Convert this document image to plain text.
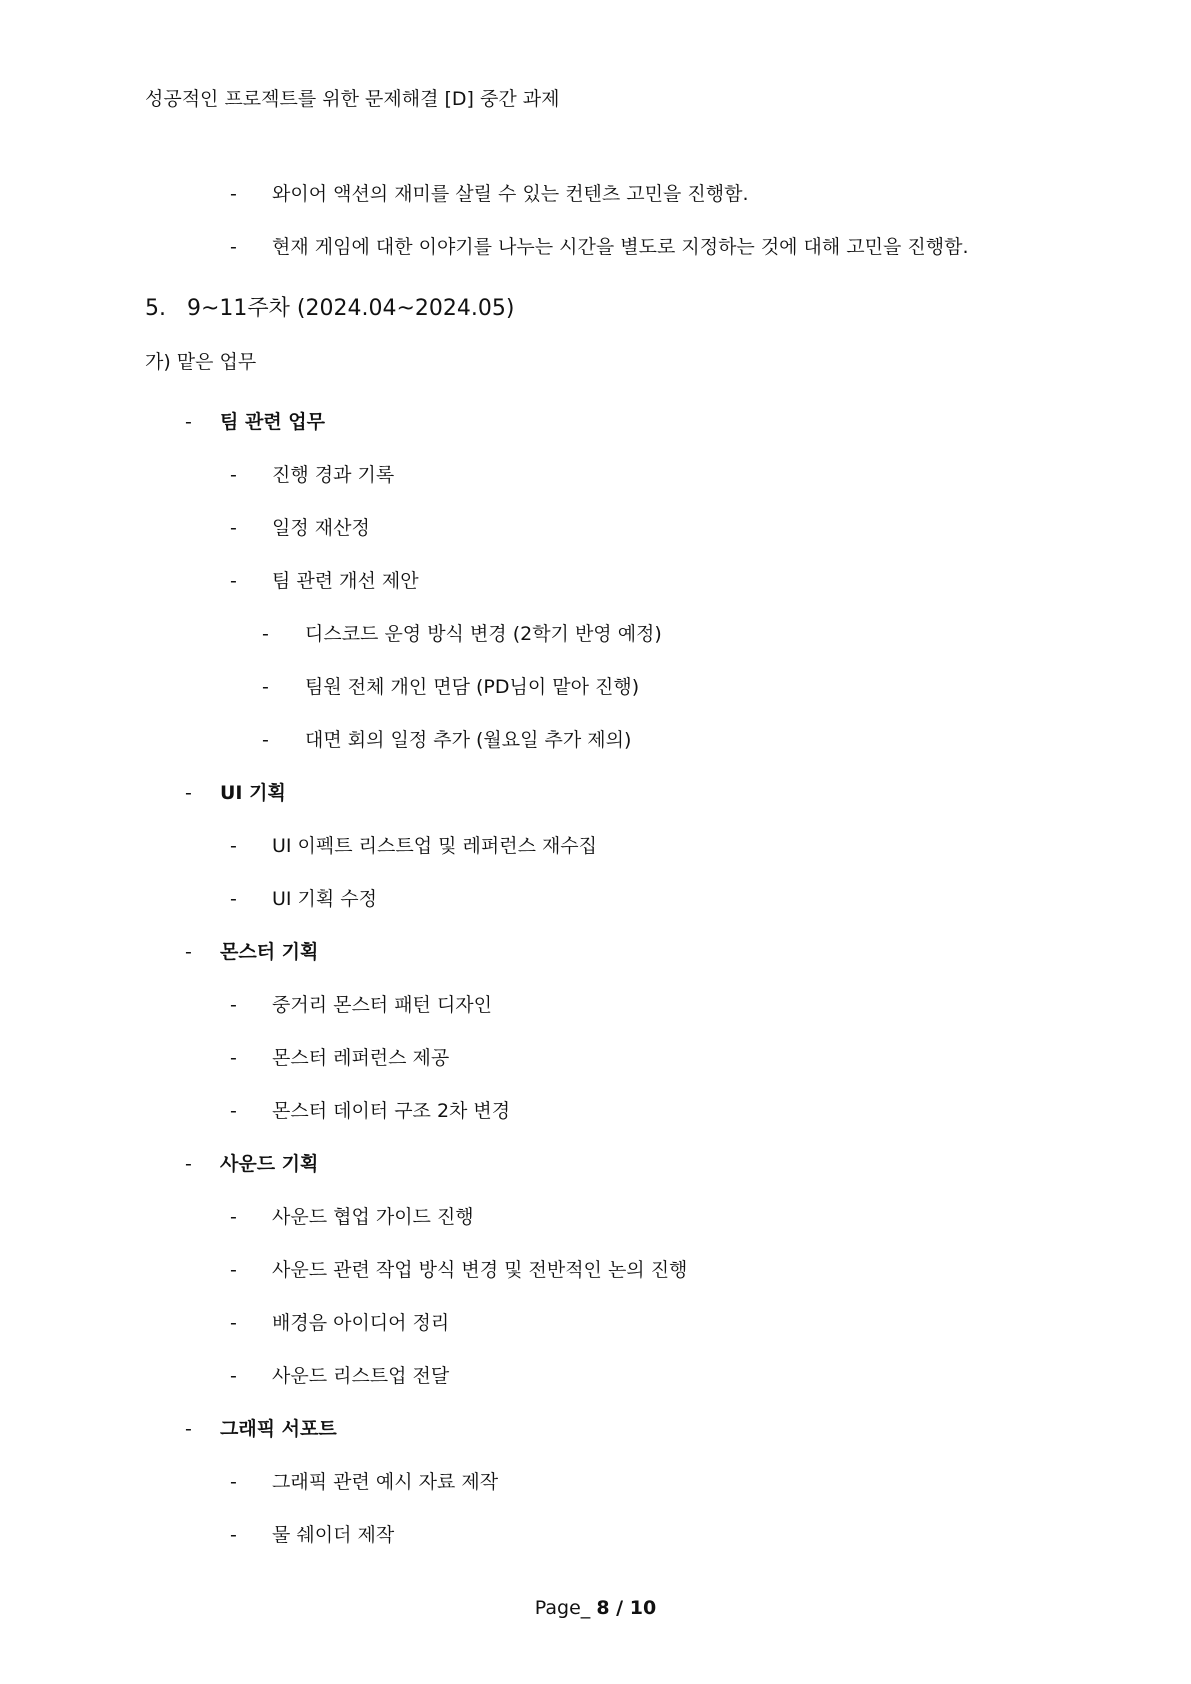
성공적인 프로젝트를 위한 문제해결 [D] 중간 과제
- 와이어 액션의 재미를 살릴 수 있는 컨텐츠 고민을 진행함.
- 현재 게임에 대한 이야기를 나누는 시간을 별도로 지정하는 것에 대해 고민을 진행함.
5. 9~11주차 (2024.04~2024.05)
가) 맡은 업무
- 팀 관련 업무
- 진행 경과 기록
- 일정 재산정
- 팀 관련 개선 제안
- 디스코드 운영 방식 변경 (2학기 반영 예정)
- 팀원 전체 개인 면담 (PD님이 맡아 진행)
- 대면 회의 일정 추가 (월요일 추가 제의)
- UI 기획
- UI 이펙트 리스트업 및 레퍼런스 재수집
- UI 기획 수정
- 몬스터 기획
- 중거리 몬스터 패턴 디자인
- 몬스터 레퍼런스 제공
- 몬스터 데이터 구조 2차 변경
- 사운드 기획
- 사운드 협업 가이드 진행
- 사운드 관련 작업 방식 변경 및 전반적인 논의 진행
- 배경음 아이디어 정리
- 사운드 리스트업 전달
- 그래픽 서포트
- 그래픽 관련 예시 자료 제작
- 물 쉐이더 제작
Page_ 8 / 10
